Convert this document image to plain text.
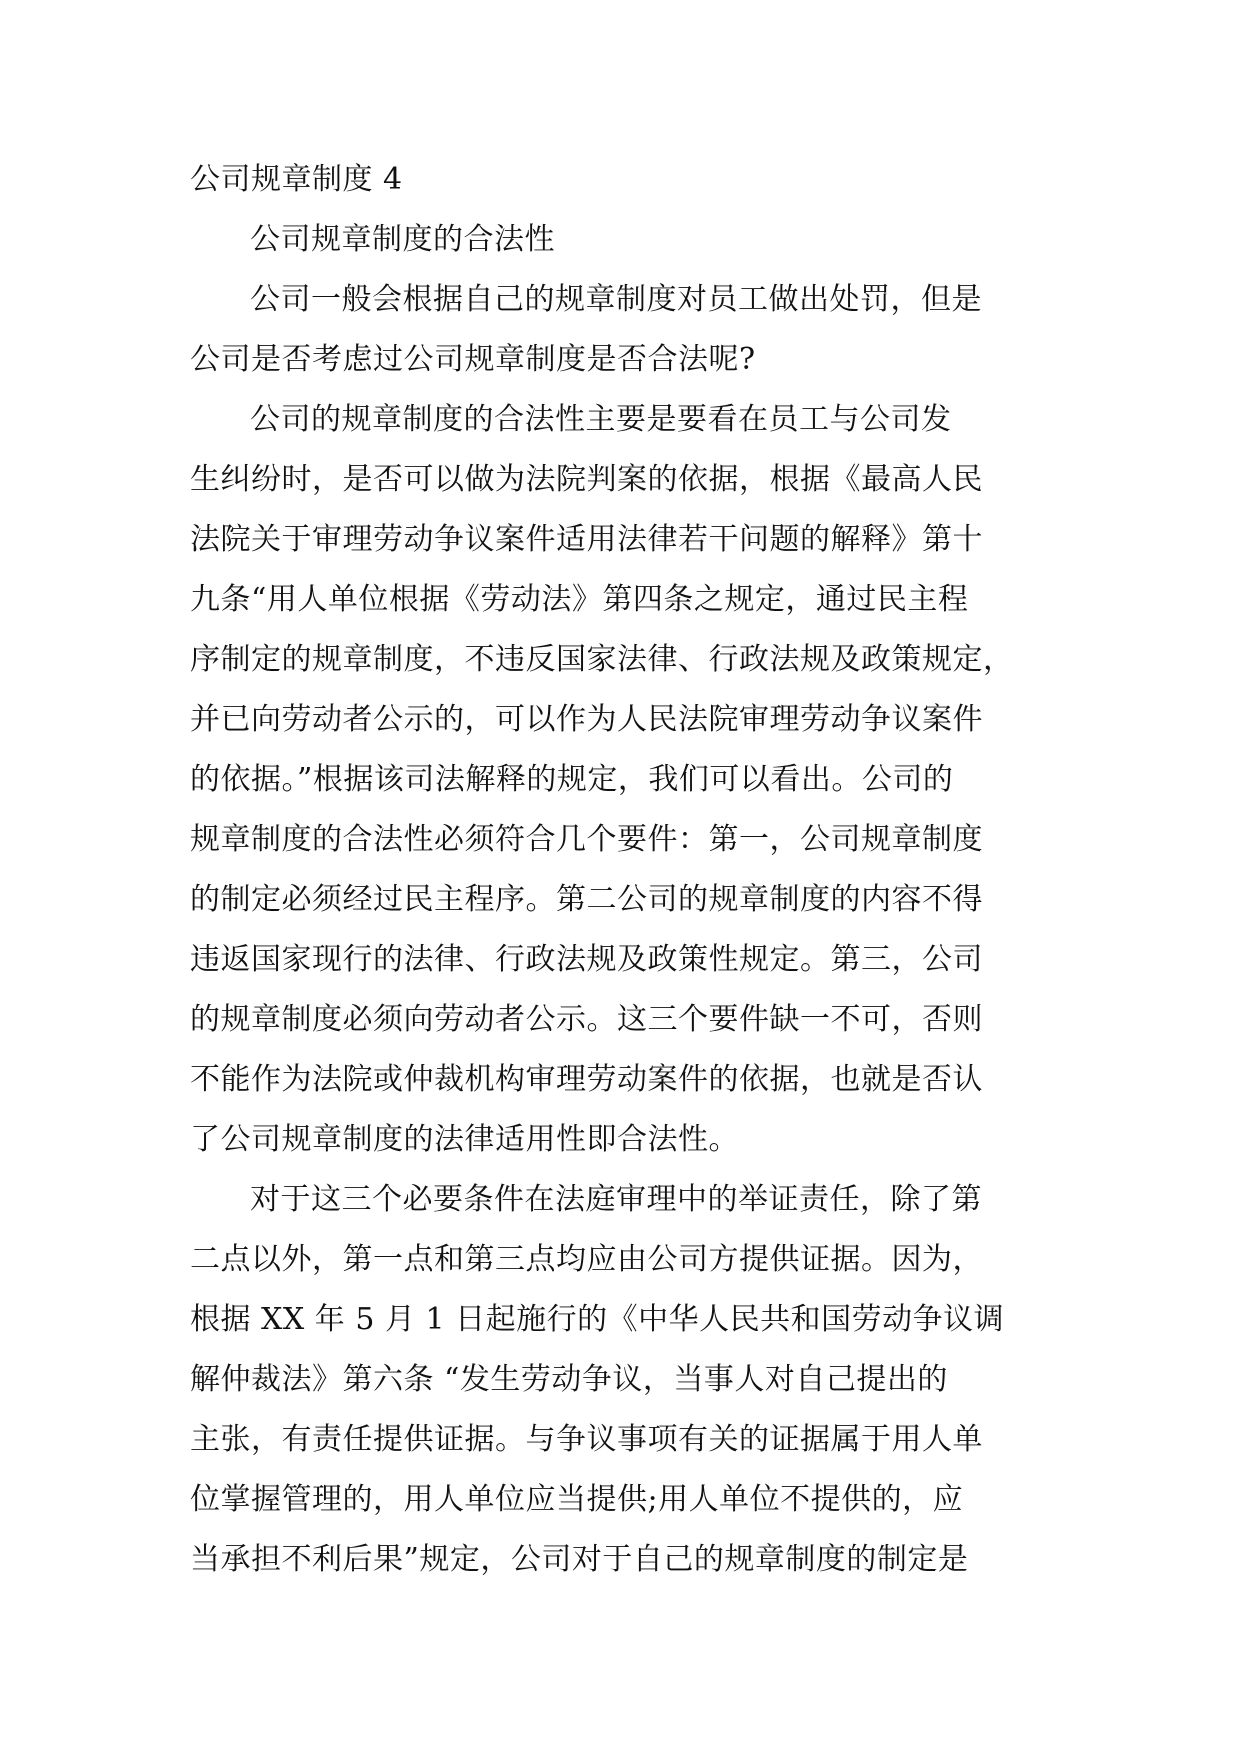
公司规章制度 4
公司规章制度的合法性
公司一般会根据自己的规章制度对员工做出处罚，但是
公司是否考虑过公司规章制度是否合法呢?
公司的规章制度的合法性主要是要看在员工与公司发
生纠纷时，是否可以做为法院判案的依据，根据《最高人民
法院关于审理劳动争议案件适用法律若干问题的解释》第十
九条“用人单位根据《劳动法》第四条之规定，通过民主程
序制定的规章制度，不违反国家法律、行政法规及政策规定，
并已向劳动者公示的，可以作为人民法院审理劳动争议案件
的依据。”根据该司法解释的规定，我们可以看出。公司的
规章制度的合法性必须符合几个要件：第一，公司规章制度
的制定必须经过民主程序。第二公司的规章制度的内容不得
违返国家现行的法律、行政法规及政策性规定。第三，公司
的规章制度必须向劳动者公示。这三个要件缺一不可，否则
不能作为法院或仲裁机构审理劳动案件的依据，也就是否认
了公司规章制度的法律适用性即合法性。
对于这三个必要条件在法庭审理中的举证责任，除了第
二点以外，第一点和第三点均应由公司方提供证据。因为，
根据 XX 年 5 月 1 日起施行的《中华人民共和国劳动争议调
解仲裁法》第六条 “发生劳动争议，当事人对自己提出的
主张，有责任提供证据。与争议事项有关的证据属于用人单
位掌握管理的，用人单位应当提供;用人单位不提供的，应
当承担不利后果”规定，公司对于自己的规章制度的制定是
